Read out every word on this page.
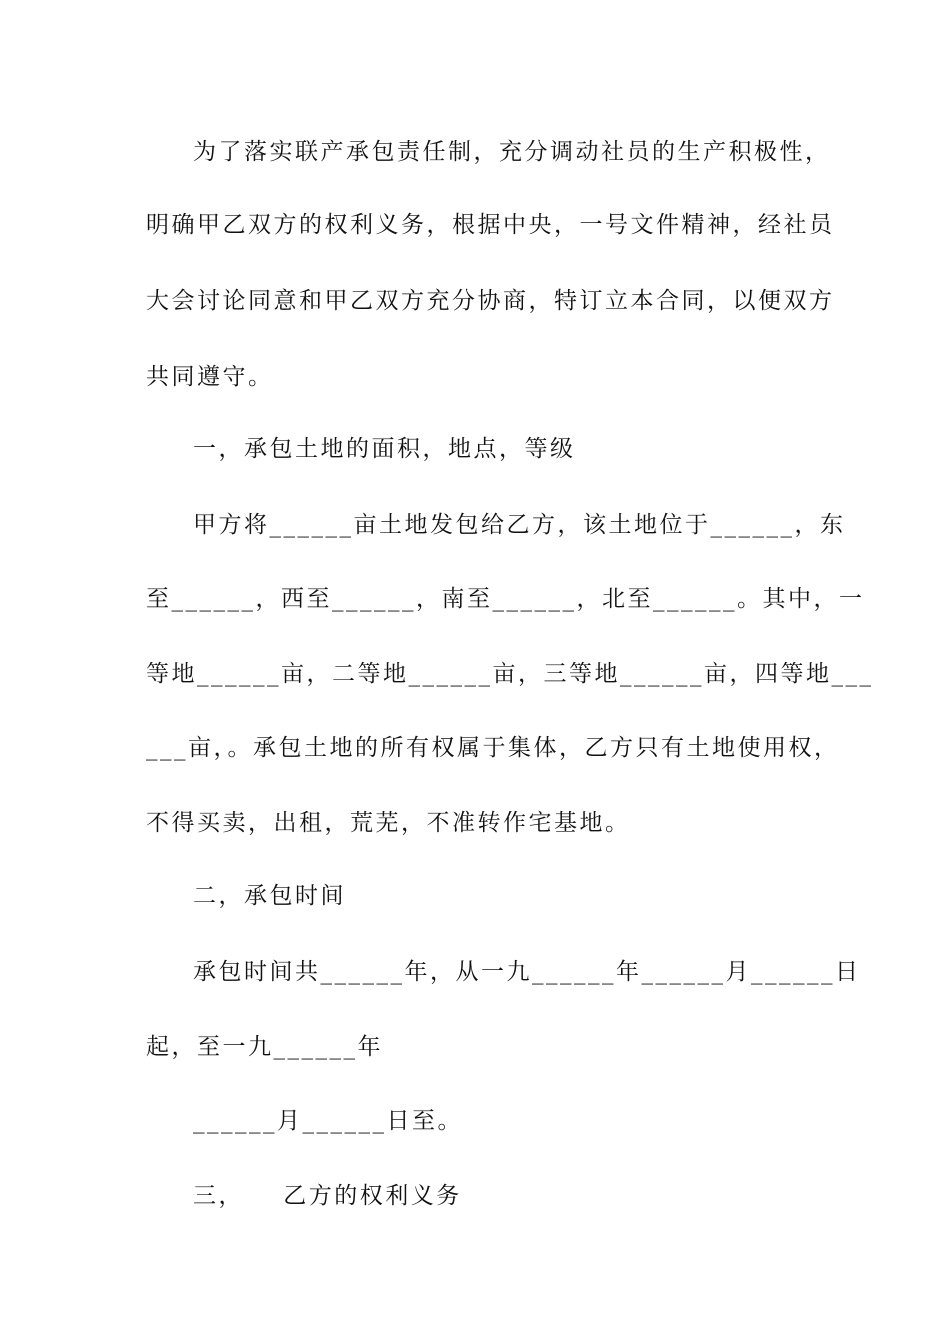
为了落实联产承包责任制，充分调动社员的生产积极性，
明确甲乙双方的权利义务，根据中央，一号文件精神，经社员
大会讨论同意和甲乙双方充分协商，特订立本合同，以便双方
共同遵守。
一，承包土地的面积，地点，等级
甲方将______亩土地发包给乙方，该土地位于______，东
至______，西至______，南至______，北至______。其中，一
等地______亩，二等地______亩，三等地______亩，四等地___
___亩，。承包土地的所有权属于集体，乙方只有土地使用权，
不得买卖，出租，荒芜，不准转作宅基地。
二，承包时间
承包时间共______年，从一九______年______月______日
起，至一九______年
______月______日至。
三，    乙方的权利义务
